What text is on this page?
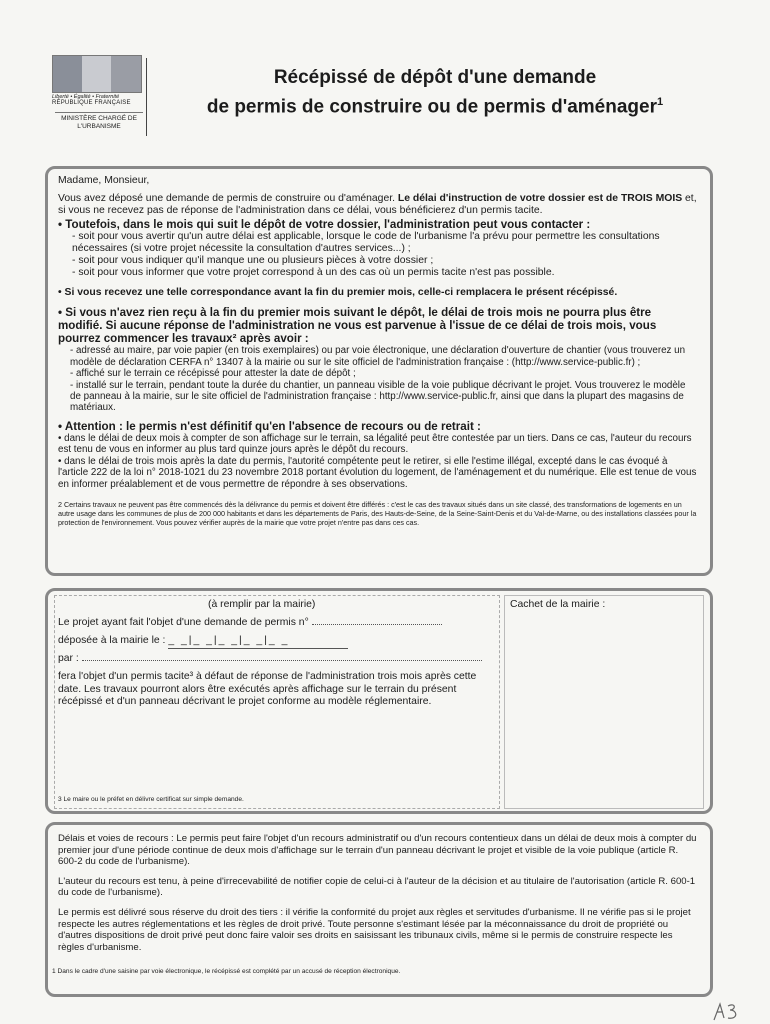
Liberté • Égalité • Fraternité
RÉPUBLIQUE FRANÇAISE
MINISTÈRE CHARGÉ DE L'URBANISME
Récépissé de dépôt d'une demande
de permis de construire ou de permis d'aménager$^1$

Madame, Monsieur,

Vous avez déposé une demande de permis de construire ou d'aménager. Le délai d'instruction de votre dossier est de TROIS MOIS et, si vous ne recevez pas de réponse de l'administration dans ce délai, vous bénéficierez d'un permis tacite.

• Toutefois, dans le mois qui suit le dépôt de votre dossier, l'administration peut vous contacter :

- soit pour vous avertir qu'un autre délai est applicable, lorsque le code de l'urbanisme l'a prévu pour permettre les consultations nécessaires (si votre projet nécessite la consultation d'autres services...) ;

- soit pour vous indiquer qu'il manque une ou plusieurs pièces à votre dossier ;

- soit pour vous informer que votre projet correspond à un des cas où un permis tacite n'est pas possible.

• Si vous recevez une telle correspondance avant la fin du premier mois, celle-ci remplacera le présent récépissé.

• Si vous n'avez rien reçu à la fin du premier mois suivant le dépôt, le délai de trois mois ne pourra plus être modifié. Si aucune réponse de l'administration ne vous est parvenue à l'issue de ce délai de trois mois, vous pourrez commencer les travaux² après avoir :

- adressé au maire, par voie papier (en trois exemplaires) ou par voie électronique, une déclaration d'ouverture de chantier (vous trouverez un modèle de déclaration CERFA n° 13407 à la mairie ou sur le site officiel de l'administration française : (http://www.service-public.fr) ;

- affiché sur le terrain ce récépissé pour attester la date de dépôt ;

- installé sur le terrain, pendant toute la durée du chantier, un panneau visible de la voie publique décrivant le projet. Vous trouverez le modèle de panneau à la mairie, sur le site officiel de l'administration française : http://www.service-public.fr, ainsi que dans la plupart des magasins de matériaux.

• Attention : le permis n'est définitif qu'en l'absence de recours ou de retrait :

• dans le délai de deux mois à compter de son affichage sur le terrain, sa légalité peut être contestée par un tiers. Dans ce cas, l'auteur du recours est tenu de vous en informer au plus tard quinze jours après le dépôt du recours.

• dans le délai de trois mois après la date du permis, l'autorité compétente peut le retirer, si elle l'estime illégal, excepté dans le cas évoqué à l'article 222 de la loi n° 2018-1021 du 23 novembre 2018 portant évolution du logement, de l'aménagement et du numérique. Elle est tenue de vous en informer préalablement et de vous permettre de répondre à ses observations.

2 Certains travaux ne peuvent pas être commencés dès la délivrance du permis et doivent être différés : c'est le cas des travaux situés dans un site classé, des transformations de logements en un autre usage dans les communes de plus de 200 000 habitants et dans les départements de Paris, des Hauts-de-Seine, de la Seine-Saint-Denis et du Val-de-Marne, ou des installations classées pour la protection de l'environnement. Vous pouvez vérifier auprès de la mairie que votre projet n'entre pas dans ces cas.

(à remplir par la mairie)
Le projet ayant fait l'objet d'une demande de permis n°
déposée à la mairie le : _ _|_ _|_ _|_ _|_ _
par :
fera l'objet d'un permis tacite³ à défaut de réponse de l'administration trois mois après cette date. Les travaux pourront alors être exécutés après affichage sur le terrain du présent récépissé et d'un panneau décrivant le projet conforme au modèle réglementaire.
3 Le maire ou le préfet en délivre certificat sur simple demande.
Cachet de la mairie :

Délais et voies de recours : Le permis peut faire l'objet d'un recours administratif ou d'un recours contentieux dans un délai de deux mois à compter du premier jour d'une période continue de deux mois d'affichage sur le terrain d'un panneau décrivant le projet et visible de la voie publique (article R. 600-2 du code de l'urbanisme).

L'auteur du recours est tenu, à peine d'irrecevabilité de notifier copie de celui-ci à l'auteur de la décision et au titulaire de l'autorisation (article R. 600-1 du code de l'urbanisme).

Le permis est délivré sous réserve du droit des tiers : il vérifie la conformité du projet aux règles et servitudes d'urbanisme. Il ne vérifie pas si le projet respecte les autres réglementations et les règles de droit privé. Toute personne s'estimant lésée par la méconnaissance du droit de propriété ou d'autres dispositions de droit privé peut donc faire valoir ses droits en saisissant les tribunaux civils, même si le permis de construire respecte les règles d'urbanisme.

1 Dans le cadre d'une saisine par voie électronique, le récépissé est complété par un accusé de réception électronique.
